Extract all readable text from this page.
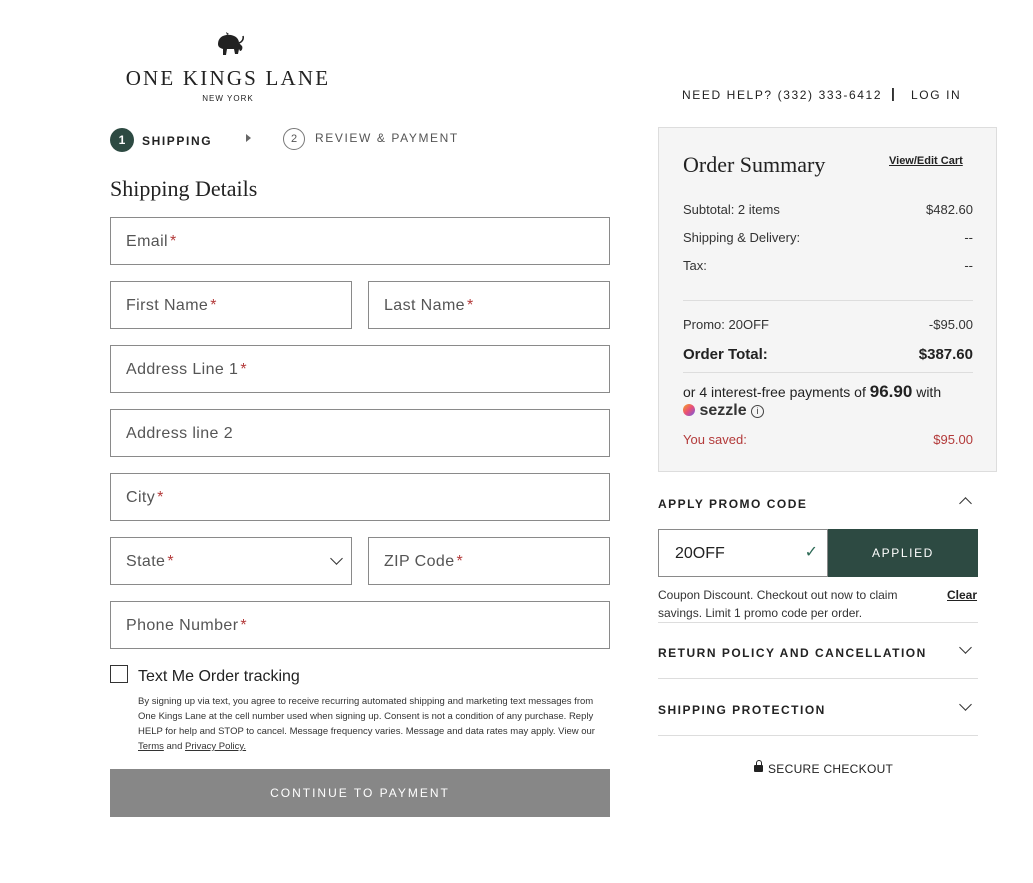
ONE KINGS LANE
NEW YORK	NEED HELP? (332) 333-6412 | LOG IN
1	SHIPPING	2	REVIEW & PAYMENT
Shipping Details
Email *
First Name *	Last Name *
Address Line 1 *
Address line 2
City *
State *	ZIP Code *
Phone Number *
Text Me Order tracking
By signing up via text, you agree to receive recurring automated shipping and marketing text messages from One Kings Lane at the cell number used when signing up. Consent is not a condition of any purchase. Reply HELP for help and STOP to cancel. Message frequency varies. Message and data rates may apply. View our Terms and Privacy Policy.
CONTINUE TO PAYMENT
Order Summary	View/Edit Cart
Subtotal: 2 items	$482.60
Shipping & Delivery:	--
Tax:	--
Promo: 20OFF	-$95.00
Order Total:	$387.60
or 4 interest-free payments of 96.90 with
sezzle i
You saved:	$95.00
APPLY PROMO CODE
20OFF	✓	APPLIED
Coupon Discount. Checkout out now to claim savings. Limit 1 promo code per order.
Clear
RETURN POLICY AND CANCELLATION
SHIPPING PROTECTION
SECURE CHECKOUT
